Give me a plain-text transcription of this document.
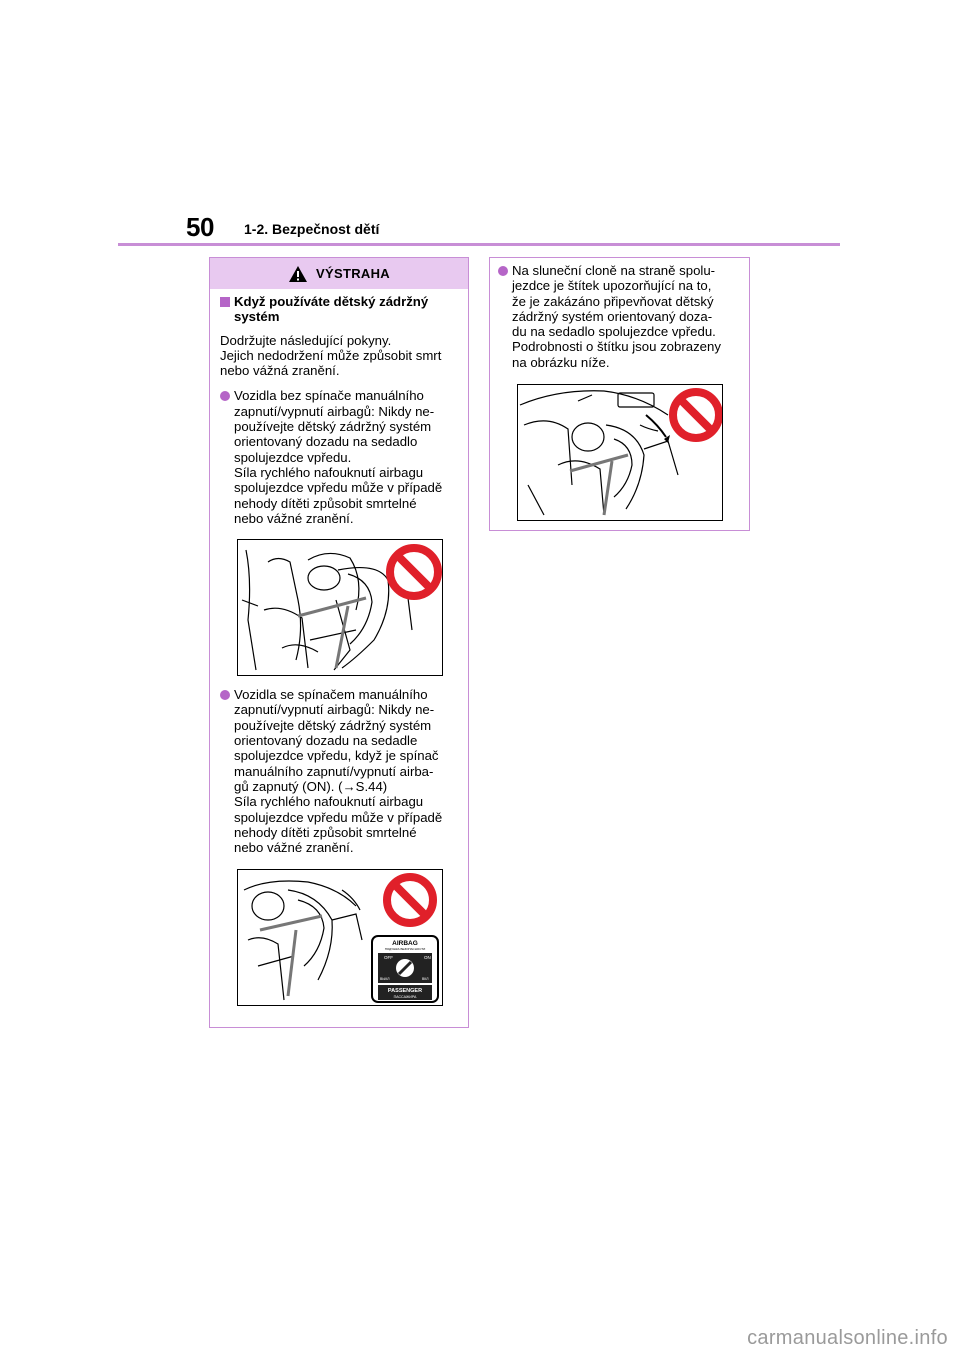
50 1-2. Bezpečnost dětí
VÝSTRAHA
Když používáte dětský zádržný
systém
Dodržujte následující pokyny.
Jejich nedodržení může způsobit smrt
nebo vážná zranění.
Vozidla bez spínače manuálního
zapnutí/vypnutí airbagů: Nikdy ne-
používejte dětský zádržný systém
orientovaný dozadu na sedadlo
spolujezdce vpředu.
Síla rychlého nafouknutí airbagu
spolujezdce vpředu může v případě
nehody dítěti způsobit smrtelné
nebo vážné zranění.
Vozidla se spínačem manuálního
zapnutí/vypnutí airbagů: Nikdy ne-
používejte dětský zádržný systém
orientovaný dozadu na sedadle
spolujezdce vpředu, když je spínač
manuálního zapnutí/vypnutí airba-
gů zapnutý (ON). (→S.44)
Síla rychlého nafouknutí airbagu
spolujezdce vpředu může v případě
nehody dítěti způsobit smrtelné
nebo vážné zranění.
AIRBAG
ПОДУШКА БЕЗОПАСНОСТИ
OFF	ON
ВЫКЛ	ВКЛ
PASSENGER
ПАССАЖИРА
Na sluneční cloně na straně spolu-
jezdce je štítek upozorňující na to,
že je zakázáno připevňovat dětský
zádržný systém orientovaný doza-
du na sedadlo spolujezdce vpředu.
Podrobnosti o štítku jsou zobrazeny
na obrázku níže.
carmanualsonline.info
